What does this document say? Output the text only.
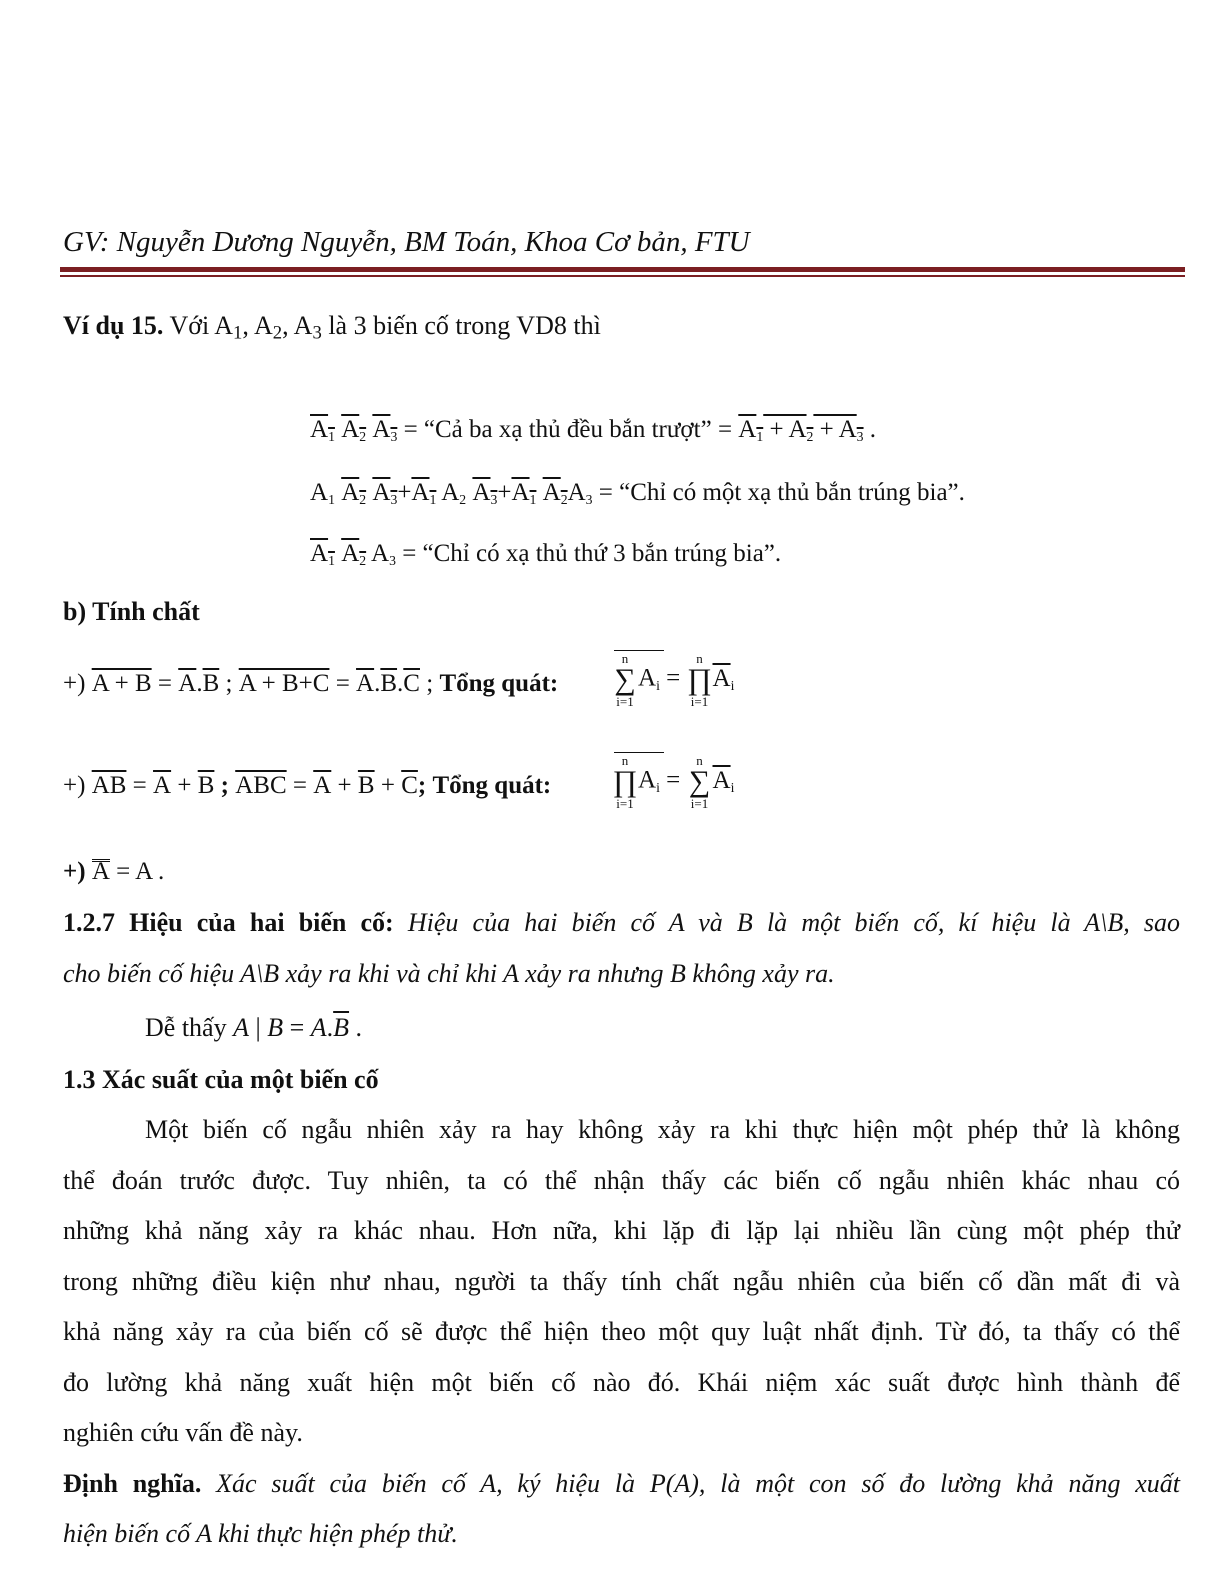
GV: Nguyễn Dương Nguyễn, BM Toán, Khoa Cơ bản, FTU
Ví dụ 15. Với $A_1$, $A_2$, $A_3$ là 3 biến cố trong VD8 thì
$A_1$ $A_2$ $A_3$ = “Cả ba xạ thủ đều bắn trượt” = $A_1 + A_2 + A_3$ .
$A_1$ $A_2$ $A_3+A_1$ $A_2$ $A_3+A_1$ $A_2A_3$ = “Chỉ có một xạ thủ bắn trúng bia”.
$A_1$ $A_2$ $A_3$ = “Chỉ có xạ thủ thứ 3 bắn trúng bia”.
b) Tính chất
+) $A + B = \overline{A}.\overline{B}$ ; $A + B+C = \overline{A}.\overline{B}.\overline{C}$ ; Tổng quát:
n
∑
i=1
$A_i$ =
n
∏
i=1
$\overline{A}_i$
+) $\overline{AB} = \overline{A} + \overline{B}$ ; $\overline{ABC} = \overline{A} + \overline{B} + \overline{C}$; Tổng quát:
n
∏
i=1
$A_i$ =
n
∑
i=1
$\overline{A}_i$
+) A = A .
1.2.7 Hiệu của hai biến cố: Hiệu của hai biến cố A và B là một biến cố, kí hiệu là A\B, sao
cho biến cố hiệu A\B xảy ra khi và chỉ khi A xảy ra nhưng B không xảy ra.
Dễ thấy A | $B = A.\overline{B}$ .
1.3 Xác suất của một biến cố
Một biến cố ngẫu nhiên xảy ra hay không xảy ra khi thực hiện một phép thử là không
thể đoán trước được. Tuy nhiên, ta có thể nhận thấy các biến cố ngẫu nhiên khác nhau có
những khả năng xảy ra khác nhau. Hơn nữa, khi lặp đi lặp lại nhiều lần cùng một phép thử
trong những điều kiện như nhau, người ta thấy tính chất ngẫu nhiên của biến cố dần mất đi và
khả năng xảy ra của biến cố sẽ được thể hiện theo một quy luật nhất định. Từ đó, ta thấy có thể
đo lường khả năng xuất hiện một biến cố nào đó. Khái niệm xác suất được hình thành để
nghiên cứu vấn đề này.
Định nghĩa. Xác suất của biến cố A, ký hiệu là P(A), là một con số đo lường khả năng xuất
hiện biến cố A khi thực hiện phép thử.
